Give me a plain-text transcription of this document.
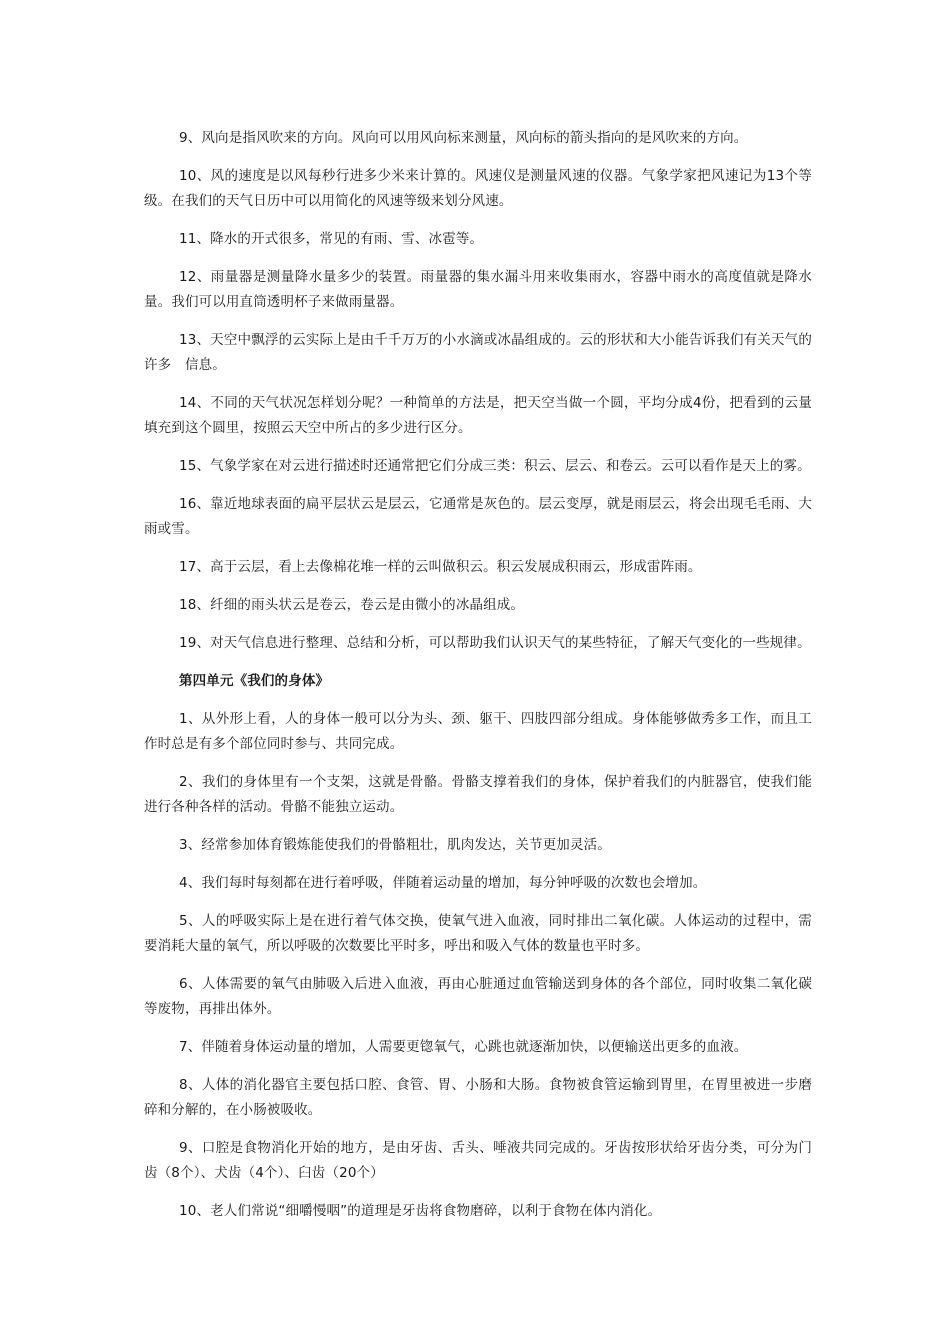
9、风向是指风吹来的方向。风向可以用风向标来测量，风向标的箭头指向的是风吹来的方向。

10、风的速度是以风每秒行进多少米来计算的。风速仪是测量风速的仪器。气象学家把风速记为13个等级。在我们的天气日历中可以用简化的风速等级来划分风速。

11、降水的开式很多，常见的有雨、雪、冰雹等。

12、雨量器是测量降水量多少的装置。雨量器的集水漏斗用来收集雨水，容器中雨水的高度值就是降水量。我们可以用直筒透明杯子来做雨量器。

13、天空中飘浮的云实际上是由千千万万的小水滴或冰晶组成的。云的形状和大小能告诉我们有关天气的许多　信息。

14、不同的天气状况怎样划分呢？一种简单的方法是，把天空当做一个圆，平均分成4份，把看到的云量填充到这个圆里，按照云天空中所占的多少进行区分。

15、气象学家在对云进行描述时还通常把它们分成三类：积云、层云、和卷云。云可以看作是天上的雾。

16、靠近地球表面的扁平层状云是层云，它通常是灰色的。层云变厚，就是雨层云，将会出现毛毛雨、大雨或雪。

17、高于云层，看上去像棉花堆一样的云叫做积云。积云发展成积雨云，形成雷阵雨。

18、纤细的雨头状云是卷云，卷云是由微小的冰晶组成。

19、对天气信息进行整理、总结和分析，可以帮助我们认识天气的某些特征，了解天气变化的一些规律。

第四单元《我们的身体》

1、从外形上看，人的身体一般可以分为头、颈、躯干、四肢四部分组成。身体能够做秀多工作，而且工作时总是有多个部位同时参与、共同完成。

2、我们的身体里有一个支架，这就是骨骼。骨骼支撑着我们的身体，保护着我们的内脏器官，使我们能进行各种各样的活动。骨骼不能独立运动。

3、经常参加体育锻炼能使我们的骨骼粗壮，肌肉发达，关节更加灵活。

4、我们每时每刻都在进行着呼吸，伴随着运动量的增加，每分钟呼吸的次数也会增加。

5、人的呼吸实际上是在进行着气体交换，使氧气进入血液，同时排出二氧化碳。人体运动的过程中，需要消耗大量的氧气，所以呼吸的次数要比平时多，呼出和吸入气体的数量也平时多。

6、人体需要的氧气由肺吸入后进入血液，再由心脏通过血管输送到身体的各个部位，同时收集二氧化碳等废物，再排出体外。

7、伴随着身体运动量的增加，人需要更锪氧气，心跳也就逐渐加快，以便输送出更多的血液。

8、人体的消化器官主要包括口腔、食管、胃、小肠和大肠。食物被食管运输到胃里，在胃里被进一步磨碎和分解的，在小肠被吸收。

9、口腔是食物消化开始的地方，是由牙齿、舌头、唾液共同完成的。牙齿按形状给牙齿分类，可分为门齿（8个）、犬齿（4个）、臼齿（20个）

10、老人们常说“细嚼慢咽”的道理是牙齿将食物磨碎，以利于食物在体内消化。
